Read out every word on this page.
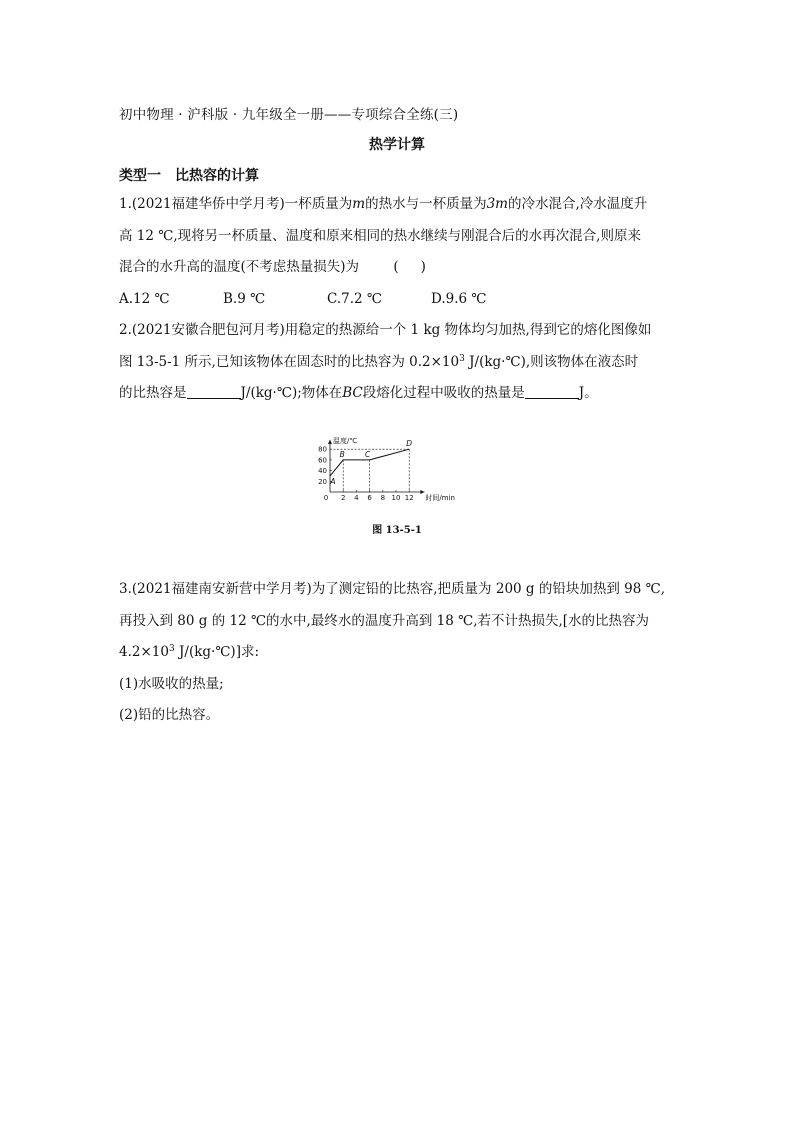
初中物理 · 沪科版 · 九年级全一册——专项综合全练(三)
热学计算
类型一 比热容的计算
1.(2021福建华侨中学月考)一杯质量为m的热水与一杯质量为3m的冷水混合,冷水温度升
高 12 ℃,现将另一杯质量、温度和原来相同的热水继续与刚混合后的水再次混合,则原来
混合的水升高的温度(不考虑热量损失)为	( )
A.12 ℃	B.9 ℃	C.7.2 ℃	D.9.6 ℃
2.(2021安徽合肥包河月考)用稳定的热源给一个 1 kg 物体均匀加热,得到它的熔化图像如
图 13-5-1 所示,已知该物体在固态时的比热容为 $0.2\times 10^3$ J/(kg·℃),则该物体在液态时
的比热容是	J/(kg·℃);物体在BC段熔化过程中吸收的热量是	J。
温度/℃
时间/min
0 2 4 6 8 10 12
20
40
60
80
A
B	C
D
图 13-5-1
3.(2021福建南安新营中学月考)为了测定铅的比热容,把质量为 200 g 的铅块加热到 98 ℃,
再投入到 80 g 的 12 ℃的水中,最终水的温度升高到 18 ℃,若不计热损失,[水的比热容为
$4.2\times 10^3$ J/(kg·℃)]求:
(1)水吸收的热量;
(2)铅的比热容。
